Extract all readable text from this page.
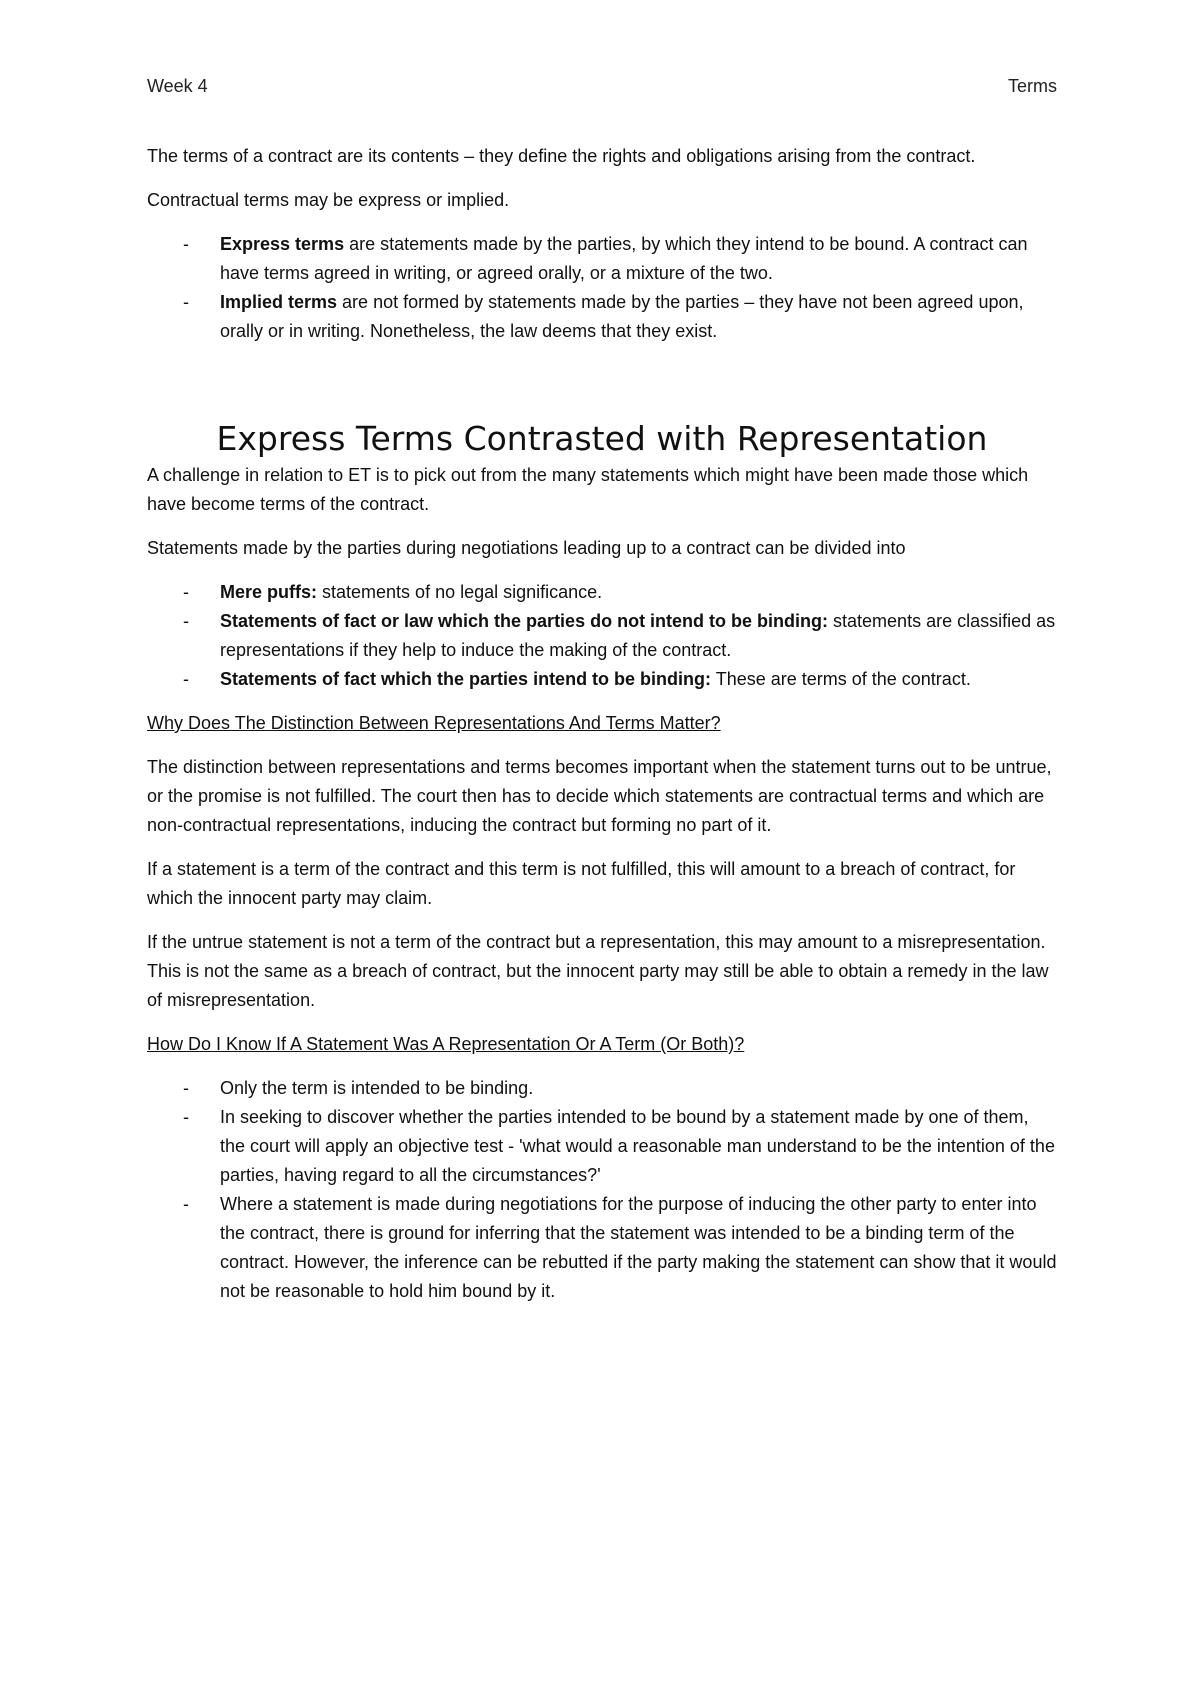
Week 4	Terms

The terms of a contract are its contents – they define the rights and obligations arising from the contract.

Contractual terms may be express or implied.

- Express terms are statements made by the parties, by which they intend to be bound. A contract can have terms agreed in writing, or agreed orally, or a mixture of the two.
- Implied terms are not formed by statements made by the parties – they have not been agreed upon, orally or in writing. Nonetheless, the law deems that they exist.
Express Terms Contrasted with Representation

A challenge in relation to ET is to pick out from the many statements which might have been made those which have become terms of the contract.

Statements made by the parties during negotiations leading up to a contract can be divided into

- Mere puffs: statements of no legal significance.
- Statements of fact or law which the parties do not intend to be binding: statements are classified as representations if they help to induce the making of the contract.
- Statements of fact which the parties intend to be binding: These are terms of the contract.

Why Does The Distinction Between Representations And Terms Matter?

The distinction between representations and terms becomes important when the statement turns out to be untrue, or the promise is not fulfilled. The court then has to decide which statements are contractual terms and which are non-contractual representations, inducing the contract but forming no part of it.

If a statement is a term of the contract and this term is not fulfilled, this will amount to a breach of contract, for which the innocent party may claim.

If the untrue statement is not a term of the contract but a representation, this may amount to a misrepresentation. This is not the same as a breach of contract, but the innocent party may still be able to obtain a remedy in the law of misrepresentation.

How Do I Know If A Statement Was A Representation Or A Term (Or Both)?

- Only the term is intended to be binding.
- In seeking to discover whether the parties intended to be bound by a statement made by one of them, the court will apply an objective test - 'what would a reasonable man understand to be the intention of the parties, having regard to all the circumstances?'
- Where a statement is made during negotiations for the purpose of inducing the other party to enter into the contract, there is ground for inferring that the statement was intended to be a binding term of the contract. However, the inference can be rebutted if the party making the statement can show that it would not be reasonable to hold him bound by it.
